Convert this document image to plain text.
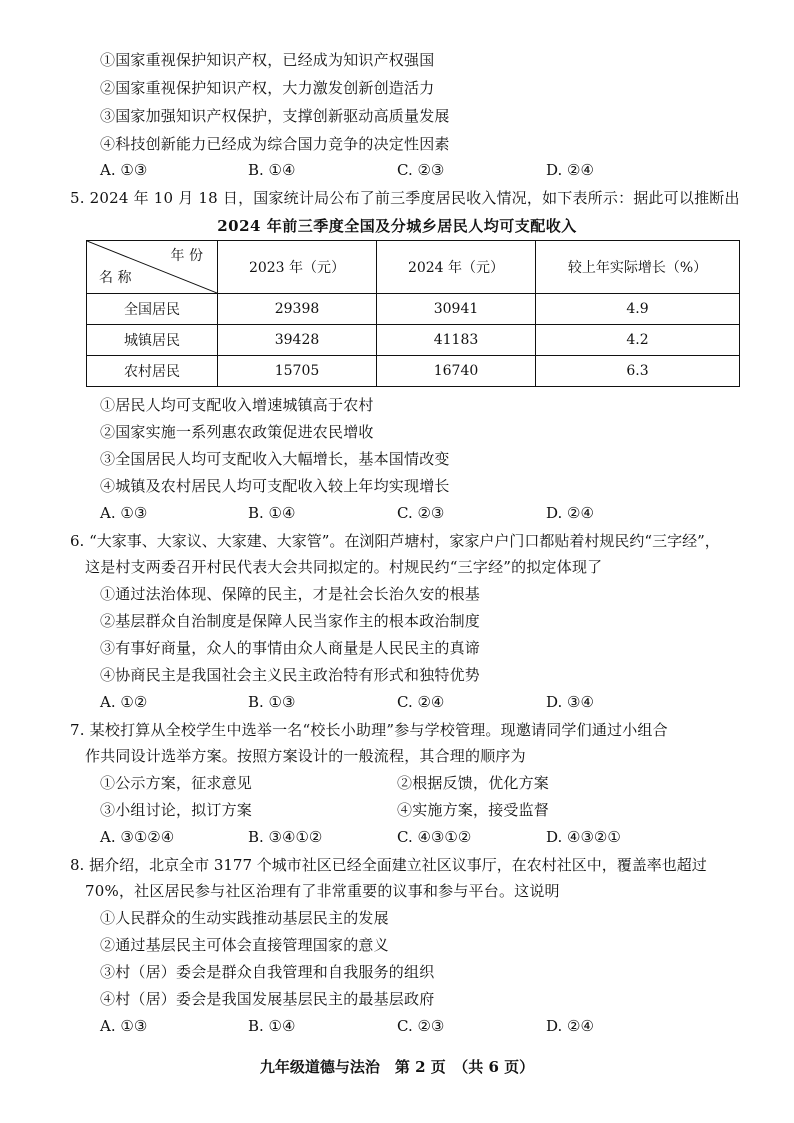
①国家重视保护知识产权，已经成为知识产权强国
②国家重视保护知识产权，大力激发创新创造活力
③国家加强知识产权保护，支撑创新驱动高质量发展
④科技创新能力已经成为综合国力竞争的决定性因素
A. ①③	B. ①④	C. ②③	D. ②④
5. 2024 年 10 月 18 日，国家统计局公布了前三季度居民收入情况，如下表所示：据此可以推断出
2024 年前三季度全国及分城乡居民人均可支配收入
年 份
名 称	2023 年（元）	2024 年（元）	较上年实际增长（%）
全国居民	29398	30941	4.9
城镇居民	39428	41183	4.2
农村居民	15705	16740	6.3
①居民人均可支配收入增速城镇高于农村
②国家实施一系列惠农政策促进农民增收
③全国居民人均可支配收入大幅增长，基本国情改变
④城镇及农村居民人均可支配收入较上年均实现增长
A. ①③	B. ①④	C. ②③	D. ②④
6. “大家事、大家议、大家建、大家管”。在浏阳芦塘村，家家户户门口都贴着村规民约“三字经”，
这是村支两委召开村民代表大会共同拟定的。村规民约“三字经”的拟定体现了
①通过法治体现、保障的民主，才是社会长治久安的根基
②基层群众自治制度是保障人民当家作主的根本政治制度
③有事好商量，众人的事情由众人商量是人民民主的真谛
④协商民主是我国社会主义民主政治特有形式和独特优势
A. ①②	B. ①③	C. ②④	D. ③④
7. 某校打算从全校学生中选举一名“校长小助理”参与学校管理。现邀请同学们通过小组合
作共同设计选举方案。按照方案设计的一般流程，其合理的顺序为
①公示方案，征求意见	②根据反馈，优化方案
③小组讨论，拟订方案	④实施方案，接受监督
A. ③①②④	B. ③④①②	C. ④③①②	D. ④③②①
8. 据介绍，北京全市 3177 个城市社区已经全面建立社区议事厅，在农村社区中，覆盖率也超过
70%，社区居民参与社区治理有了非常重要的议事和参与平台。这说明
①人民群众的生动实践推动基层民主的发展
②通过基层民主可体会直接管理国家的意义
③村（居）委会是群众自我管理和自我服务的组织
④村（居）委会是我国发展基层民主的最基层政府
A. ①③	B. ①④	C. ②③	D. ②④
九年级道德与法治　第 2 页　（共 6 页）
